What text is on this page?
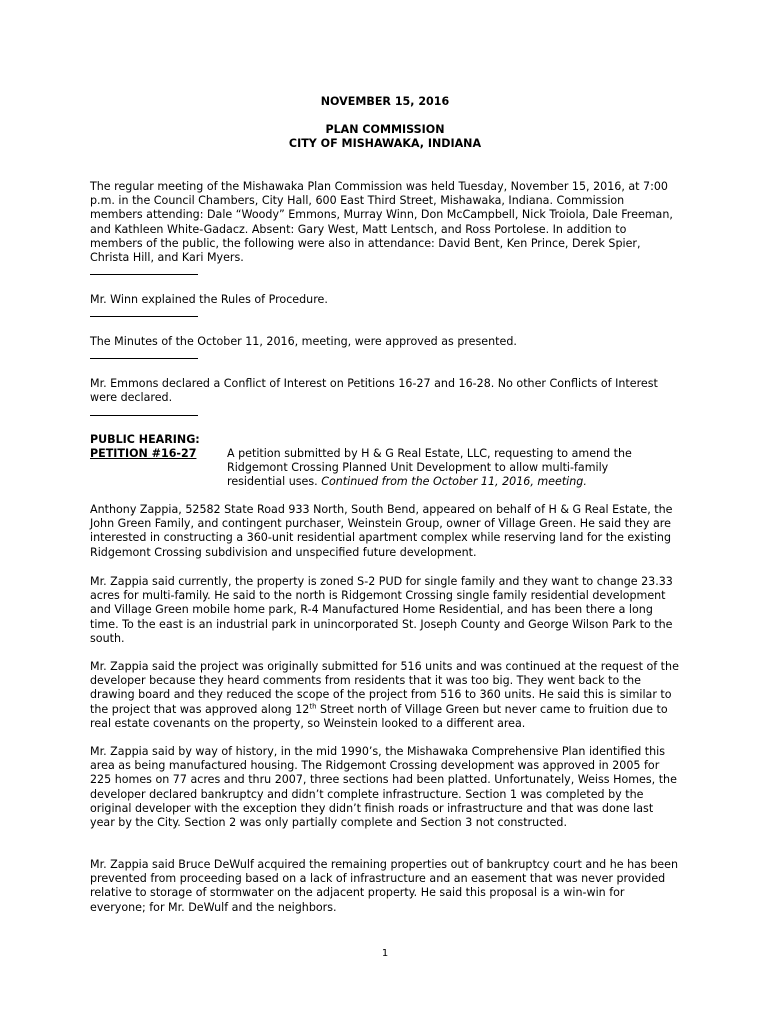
NOVEMBER 15, 2016
PLAN COMMISSION
CITY OF MISHAWAKA, INDIANA

The regular meeting of the Mishawaka Plan Commission was held Tuesday, November 15, 2016, at 7:00 p.m. in the Council Chambers, City Hall, 600 East Third Street, Mishawaka, Indiana. Commission members attending: Dale “Woody” Emmons, Murray Winn, Don McCampbell, Nick Troiola, Dale Freeman, and Kathleen White-Gadacz. Absent: Gary West, Matt Lentsch, and Ross Portolese. In addition to members of the public, the following were also in attendance: David Bent, Ken Prince, Derek Spier, Christa Hill, and Kari Myers.

Mr. Winn explained the Rules of Procedure.

The Minutes of the October 11, 2016, meeting, were approved as presented.

Mr. Emmons declared a Conflict of Interest on Petitions 16-27 and 16-28. No other Conflicts of Interest were declared.

PUBLIC HEARING:
PETITION #16-27	A petition submitted by H & G Real Estate, LLC, requesting to amend the Ridgemont Crossing Planned Unit Development to allow multi-family residential uses. Continued from the October 11, 2016, meeting.

Anthony Zappia, 52582 State Road 933 North, South Bend, appeared on behalf of H & G Real Estate, the John Green Family, and contingent purchaser, Weinstein Group, owner of Village Green. He said they are interested in constructing a 360-unit residential apartment complex while reserving land for the existing Ridgemont Crossing subdivision and unspecified future development.

Mr. Zappia said currently, the property is zoned S-2 PUD for single family and they want to change 23.33 acres for multi-family. He said to the north is Ridgemont Crossing single family residential development and Village Green mobile home park, R-4 Manufactured Home Residential, and has been there a long time. To the east is an industrial park in unincorporated St. Joseph County and George Wilson Park to the south.

Mr. Zappia said the project was originally submitted for 516 units and was continued at the request of the developer because they heard comments from residents that it was too big. They went back to the drawing board and they reduced the scope of the project from 516 to 360 units. He said this is similar to the project that was approved along 12th Street north of Village Green but never came to fruition due to real estate covenants on the property, so Weinstein looked to a different area.

Mr. Zappia said by way of history, in the mid 1990’s, the Mishawaka Comprehensive Plan identified this area as being manufactured housing. The Ridgemont Crossing development was approved in 2005 for 225 homes on 77 acres and thru 2007, three sections had been platted. Unfortunately, Weiss Homes, the developer declared bankruptcy and didn’t complete infrastructure. Section 1 was completed by the original developer with the exception they didn’t finish roads or infrastructure and that was done last year by the City. Section 2 was only partially complete and Section 3 not constructed.

Mr. Zappia said Bruce DeWulf acquired the remaining properties out of bankruptcy court and he has been prevented from proceeding based on a lack of infrastructure and an easement that was never provided relative to storage of stormwater on the adjacent property. He said this proposal is a win-win for everyone; for Mr. DeWulf and the neighbors.

1
